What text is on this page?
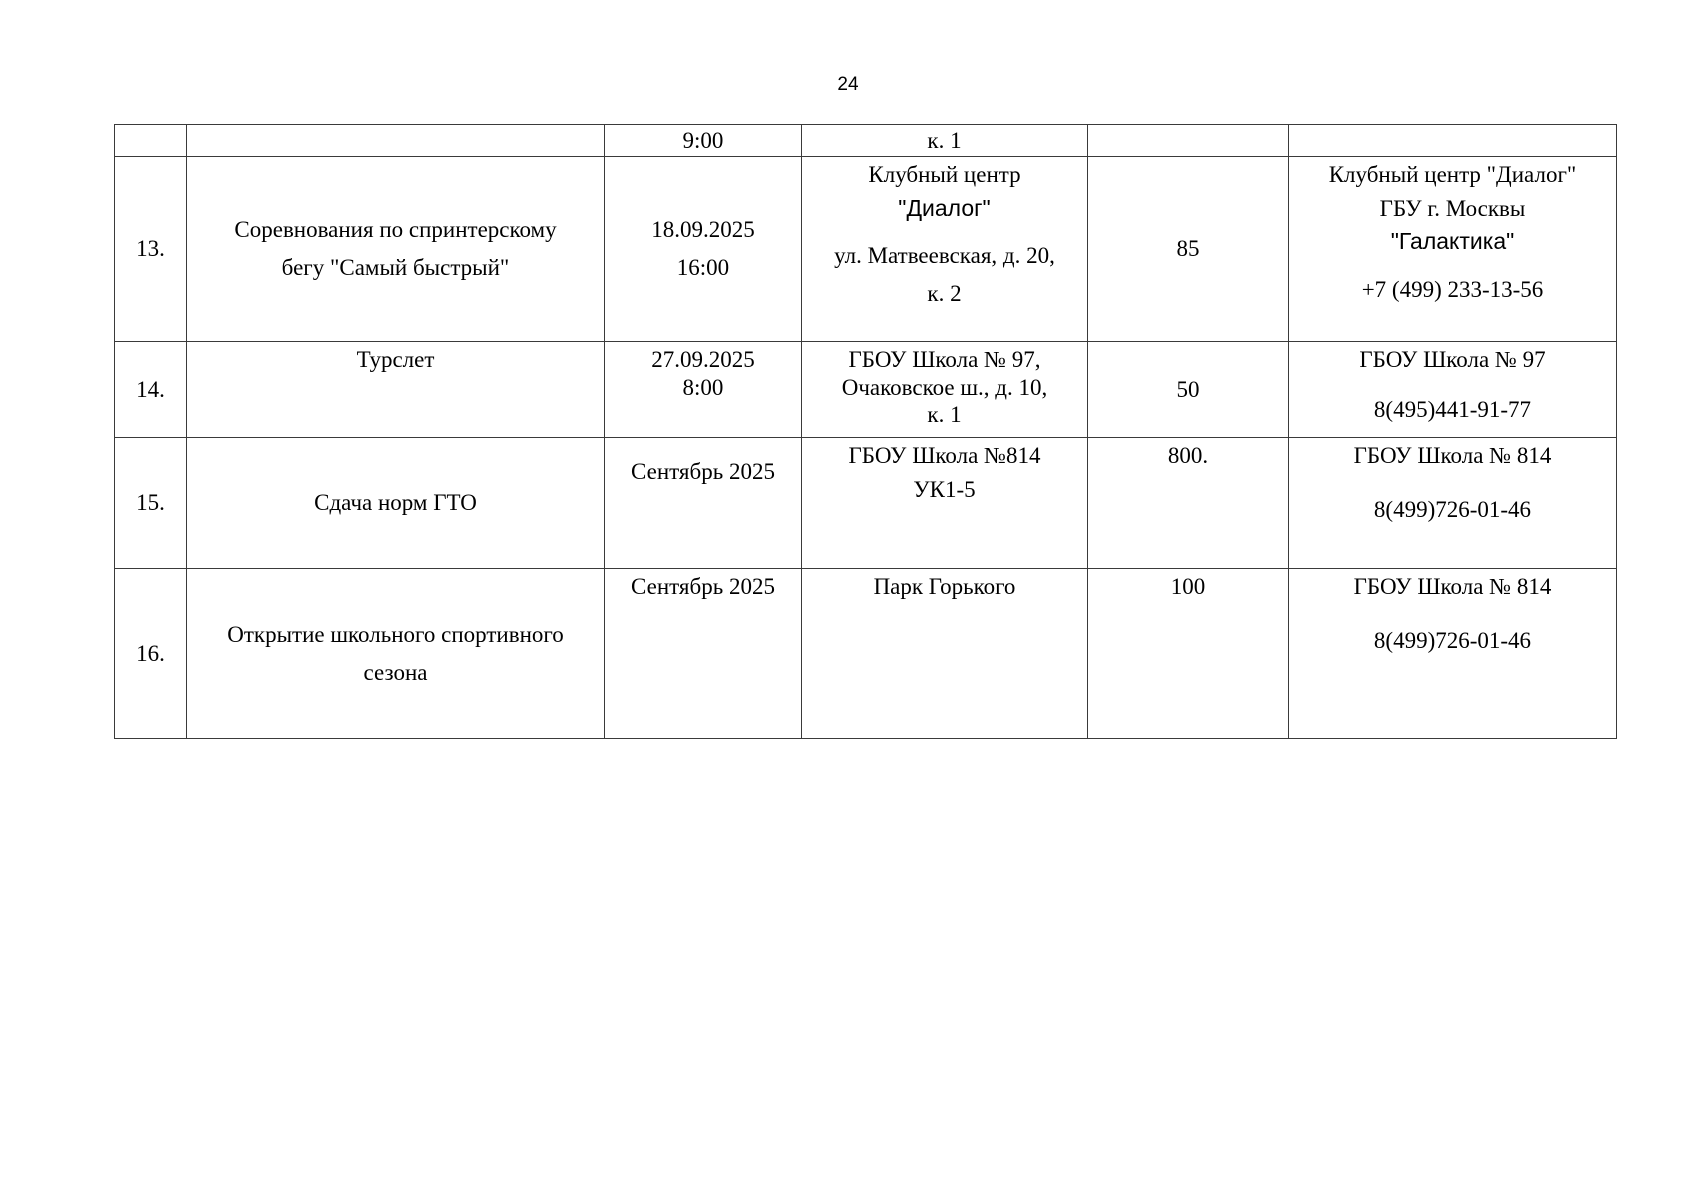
24

		9:00	к. 1		

13.	Соревнования по спринтерскому
бегу "Самый быстрый"	18.09.2025
16:00	Клубный центр
"Диалог"
ул. Матвеевская, д. 20,
к. 2	85	Клубный центр "Диалог"
ГБУ г. Москвы
"Галактика"
+7 (499) 233-13-56

14.	Турслет	27.09.2025
8:00	ГБОУ Школа № 97,
Очаковское ш., д. 10,
к. 1	50	ГБОУ Школа № 97
8(495)441-91-77

15.	Сдача норм ГТО	Сентябрь 2025	ГБОУ Школа №814
УК1-5	800.	ГБОУ Школа № 814
8(499)726-01-46

16.	Открытие школьного спортивного
сезона	Сентябрь 2025	Парк Горького	100	ГБОУ Школа № 814
8(499)726-01-46
